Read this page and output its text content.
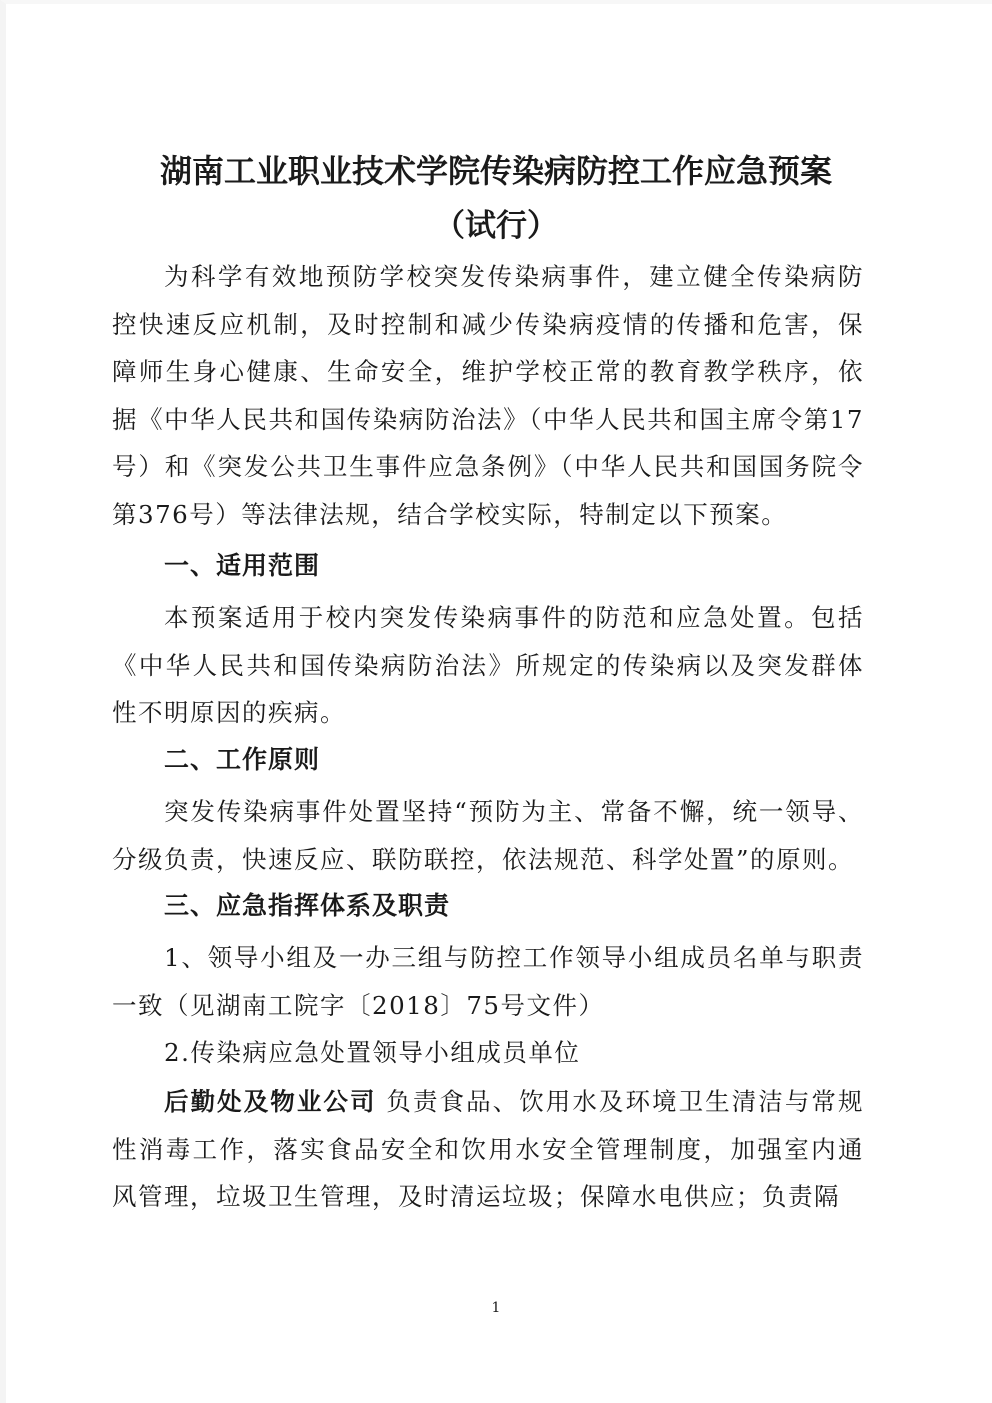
湖南工业职业技术学院传染病防控工作应急预案
（试行）

为科学有效地预防学校突发传染病事件，建立健全传染病防控快速反应机制，及时控制和减少传染病疫情的传播和危害，保障师生身心健康、生命安全，维护学校正常的教育教学秩序，依据《中华人民共和国传染病防治法》（中华人民共和国主席令第17号）和《突发公共卫生事件应急条例》（中华人民共和国国务院令第376号）等法律法规，结合学校实际，特制定以下预案。

一、适用范围

本预案适用于校内突发传染病事件的防范和应急处置。包括《中华人民共和国传染病防治法》所规定的传染病以及突发群体性不明原因的疾病。

二、工作原则

突发传染病事件处置坚持“预防为主、常备不懈，统一领导、分级负责，快速反应、联防联控，依法规范、科学处置”的原则。

三、应急指挥体系及职责

1、领导小组及一办三组与防控工作领导小组成员名单与职责一致（见湖南工院字〔2018〕75号文件）

2.传染病应急处置领导小组成员单位

后勤处及物业公司 负责食品、饮用水及环境卫生清洁与常规性消毒工作，落实食品安全和饮用水安全管理制度，加强室内通风管理，垃圾卫生管理，及时清运垃圾；保障水电供应；负责隔

1
